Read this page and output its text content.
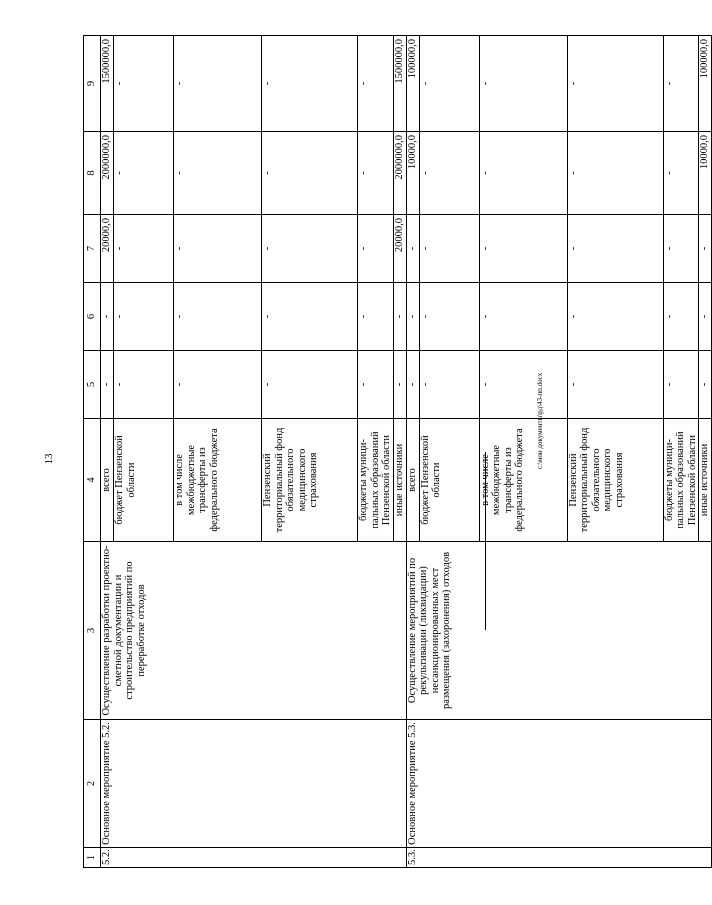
13	c:\мои документы\рд\43-пп.docx
1	2	3	4	5	6	7	8	9
5.2.	Основное мероприятие 5.2.	Осуществление разработки проектно-сметной документации и строительство предприятий по переработке отходов	всего	-	-	20000,0	2000000,0	1500000,0
			бюджет Пензенской области	-	-	-	-	-
			в том числе межбюджетные трансферты из федерального бюджета	-	-	-	-	-
			Пензенский территориальный фонд обязательного медицинского страхования	-	-	-	-	-
			бюджеты муници-пальных образований Пензенской области	-	-	-	-	-
			иные источники	-	-	20000,0	2000000,0	1500000,0
5.3.	Основное мероприятие 5.3.	Осуществление мероприятий по рекультивации (ликвидации) несанкционированных мест размещения (захоронения) отходов	всего	-	-	-	10000,0	100000,0
			бюджет Пензенской области	-	-	-	-	-
			в том числе межбюджетные трансферты из федерального бюджета	-	-	-	-	-
			Пензенский территориальный фонд обязательного медицинского страхования	-	-	-	-	-
			бюджеты муници-пальных образований Пензенской области	-	-	-	-	-
			иные источники	-	-	-	10000,0	100000,0
